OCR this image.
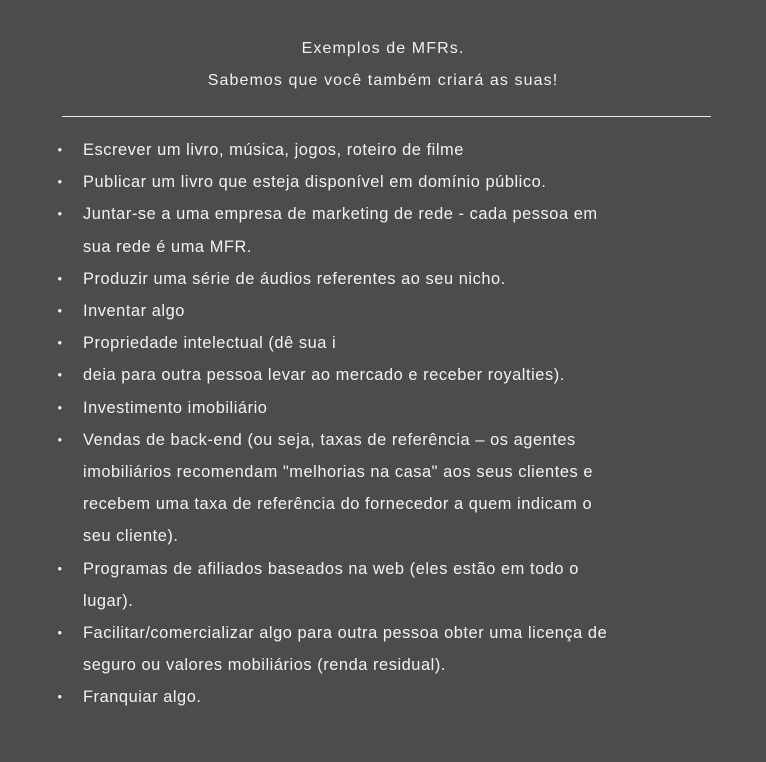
Exemplos de MFRs.
Sabemos que você também criará as suas!
• Escrever um livro, música, jogos, roteiro de filme
• Publicar um livro que esteja disponível em domínio público.
• Juntar-se a uma empresa de marketing de rede - cada pessoa em
sua rede é uma MFR.
• Produzir uma série de áudios referentes ao seu nicho.
• Inventar algo
• Propriedade intelectual (dê sua i
• deia para outra pessoa levar ao mercado e receber royalties).
• Investimento imobiliário
• Vendas de back-end (ou seja, taxas de referência – os agentes
imobiliários recomendam "melhorias na casa" aos seus clientes e
recebem uma taxa de referência do fornecedor a quem indicam o
seu cliente).
• Programas de afiliados baseados na web (eles estão em todo o
lugar).
• Facilitar/comercializar algo para outra pessoa obter uma licença de
seguro ou valores mobiliários (renda residual).
• Franquiar algo.
